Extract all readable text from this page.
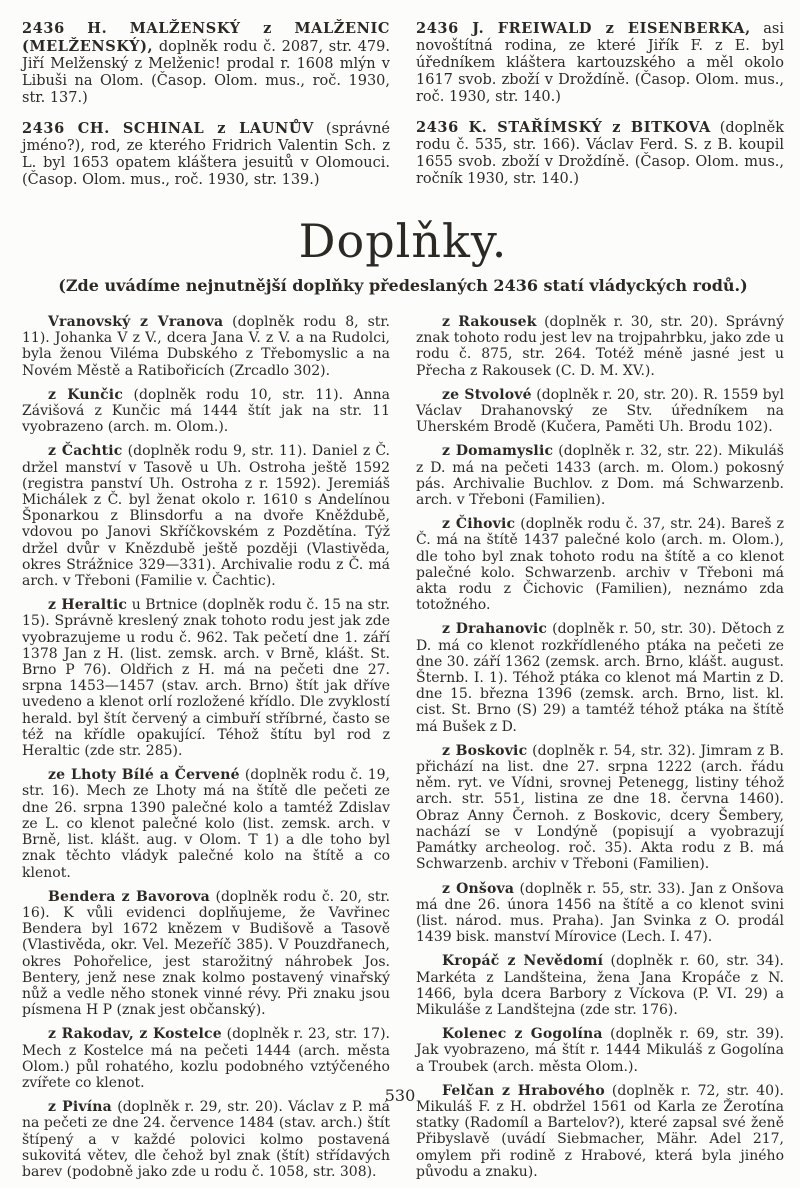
2436 H. MALŽENSKÝ z MALŽENIC (MELŽENSKÝ), doplněk rodu č. 2087, str. 479. Jiří Melženský z Melženic! prodal r. 1608 mlýn v Libuši na Olom. (Časop. Olom. mus., roč. 1930, str. 137.)

2436 CH. SCHINAL z LAUNŮV (správné jméno?), rod, ze kterého Fridrich Valentin Sch. z L. byl 1653 opatem kláštera jesuitů v Olomouci. (Časop. Olom. mus., roč. 1930, str. 139.)

2436 J. FREIWALD z EISENBERKA, asi novoštítná rodina, ze které Jiřík F. z E. byl úředníkem kláštera kartouzského a měl okolo 1617 svob. zboží v Droždíně. (Časop. Olom. mus., roč. 1930, str. 140.)

2436 K. STAŘÍMSKÝ z BITKOVA (doplněk rodu č. 535, str. 166). Václav Ferd. S. z B. koupil 1655 svob. zboží v Droždíně. (Časop. Olom. mus., ročník 1930, str. 140.)

Doplňky.
(Zde uvádíme nejnutnější doplňky předeslaných 2436 statí vládyckých rodů.)

Vranovský z Vranova (doplněk rodu 8, str. 11). Johanka V z V., dcera Jana V. z V. a na Rudolci, byla ženou Viléma Dubského z Třebomyslic a na Novém Městě a Ratibořicích (Zrcadlo 302).

z Kunčic (doplněk rodu 10, str. 11). Anna Závišová z Kunčic má 1444 štít jak na str. 11 vyobrazeno (arch. m. Olom.).

z Čachtic (doplněk rodu 9, str. 11). Daniel z Č. držel manství v Tasově u Uh. Ostroha ještě 1592 (registra panství Uh. Ostroha z r. 1592). Jeremiáš Michálek z Č. byl ženat okolo r. 1610 s Andelínou Šponarkou z Blinsdorfu a na dvoře Kněždubě, vdovou po Janovi Skříčkovském z Pozdětína. Týž držel dvůr v Knězdubě ještě později (Vlastivěda, okres Strážnice 329—331). Archivalie rodu z Č. má arch. v Třeboni (Familie v. Čachtic).

z Heraltic u Brtnice (doplněk rodu č. 15 na str. 15). Správně kreslený znak tohoto rodu jest jak zde vyobrazujeme u rodu č. 962. Tak pečetí dne 1. září 1378 Jan z H. (list. zemsk. arch. v Brně, klášt. St. Brno P 76). Oldřich z H. má na pečeti dne 27. srpna 1453—1457 (stav. arch. Brno) štít jak dříve uvedeno a klenot orlí rozložené křídlo. Dle zvyklostí herald. byl štít červený a cimbuří stříbrné, často se též na křídle opakující. Téhož štítu byl rod z Heraltic (zde str. 285).

ze Lhoty Bílé a Červené (doplněk rodu č. 19, str. 16). Mech ze Lhoty má na štítě dle pečeti ze dne 26. srpna 1390 palečné kolo a tamtéž Zdislav ze L. co klenot palečné kolo (list. zemsk. arch. v Brně, list. klášt. aug. v Olom. T 1) a dle toho byl znak těchto vládyk palečné kolo na štítě a co klenot.

Bendera z Bavorova (doplněk rodu č. 20, str. 16). K vůli evidenci doplňujeme, že Vavřinec Bendera byl 1672 knězem v Budišově a Tasově (Vlastivěda, okr. Vel. Mezeříč 385). V Pouzdřanech, okres Pohořelice, jest starožitný náhrobek Jos. Bentery, jenž nese znak kolmo postavený vinařský nůž a vedle něho stonek vinné révy. Při znaku jsou písmena H P (znak jest občanský).

z Rakodav, z Kostelce (doplněk r. 23, str. 17). Mech z Kostelce má na pečeti 1444 (arch. města Olom.) půl rohatého, kozlu podobného vztýčeného zvířete co klenot.

z Pivína (doplněk r. 29, str. 20). Václav z P. má na pečeti ze dne 24. července 1484 (stav. arch.) štít štípený a v každé polovici kolmo postavená sukovitá větev, dle čehož byl znak (štít) střídavých barev (podobně jako zde u rodu č. 1058, str. 308).

z Rakousek (doplněk r. 30, str. 20). Správný znak tohoto rodu jest lev na trojpahrbku, jako zde u rodu č. 875, str. 264. Totéž méně jasné jest u Přecha z Rakousek (C. D. M. XV.).

ze Stvolové (doplněk r. 20, str. 20). R. 1559 byl Václav Drahanovský ze Stv. úředníkem na Uherském Brodě (Kučera, Paměti Uh. Brodu 102).

z Domamyslic (doplněk r. 32, str. 22). Mikuláš z D. má na pečeti 1433 (arch. m. Olom.) pokosný pás. Archivalie Buchlov. z Dom. má Schwarzenb. arch. v Třeboni (Familien).

z Čihovic (doplněk rodu č. 37, str. 24). Bareš z Č. má na štítě 1437 palečné kolo (arch. m. Olom.), dle toho byl znak tohoto rodu na štítě a co klenot palečné kolo. Schwarzenb. archiv v Třeboni má akta rodu z Čichovic (Familien), neznámo zda totožného.

z Drahanovic (doplněk r. 50, str. 30). Dětoch z D. má co klenot rozkřídleného ptáka na pečeti ze dne 30. září 1362 (zemsk. arch. Brno, klášt. august. Šternb. I. 1). Téhož ptáka co klenot má Martin z D. dne 15. března 1396 (zemsk. arch. Brno, list. kl. cist. St. Brno (S) 29) a tamtéž téhož ptáka na štítě má Bušek z D.

z Boskovic (doplněk r. 54, str. 32). Jimram z B. přichází na list. dne 27. srpna 1222 (arch. řádu něm. ryt. ve Vídni, srovnej Petenegg, listiny téhož arch. str. 551, listina ze dne 18. června 1460). Obraz Anny Černoh. z Boskovic, dcery Šembery, nachází se v Londýně (popisují a vyobrazují Památky archeolog. roč. 35). Akta rodu z B. má Schwarzenb. archiv v Třeboni (Familien).

z Onšova (doplněk r. 55, str. 33). Jan z Onšova má dne 26. února 1456 na štítě a co klenot svini (list. národ. mus. Praha). Jan Svinka z O. prodál 1439 bisk. manství Mírovice (Lech. I. 47).

Kropáč z Nevědomí (doplněk r. 60, str. 34). Markéta z Landšteina, žena Jana Kropáče z N. 1466, byla dcera Barbory z Víckova (P. VI. 29) a Mikuláše z Landštejna (zde str. 176).

Kolenec z Gogolína (doplněk r. 69, str. 39). Jak vyobrazeno, má štít r. 1444 Mikuláš z Gogolína a Troubek (arch. města Olom.).

Felčan z Hrabového (doplněk r. 72, str. 40). Mikuláš F. z H. obdržel 1561 od Karla ze Žerotína statky (Radomíl a Bartelov?), které zapsal své ženě Přibyslavě (uvádí Siebmacher, Mähr. Adel 217, omylem při rodině z Hrabové, která byla jiného původu a znaku).

530
